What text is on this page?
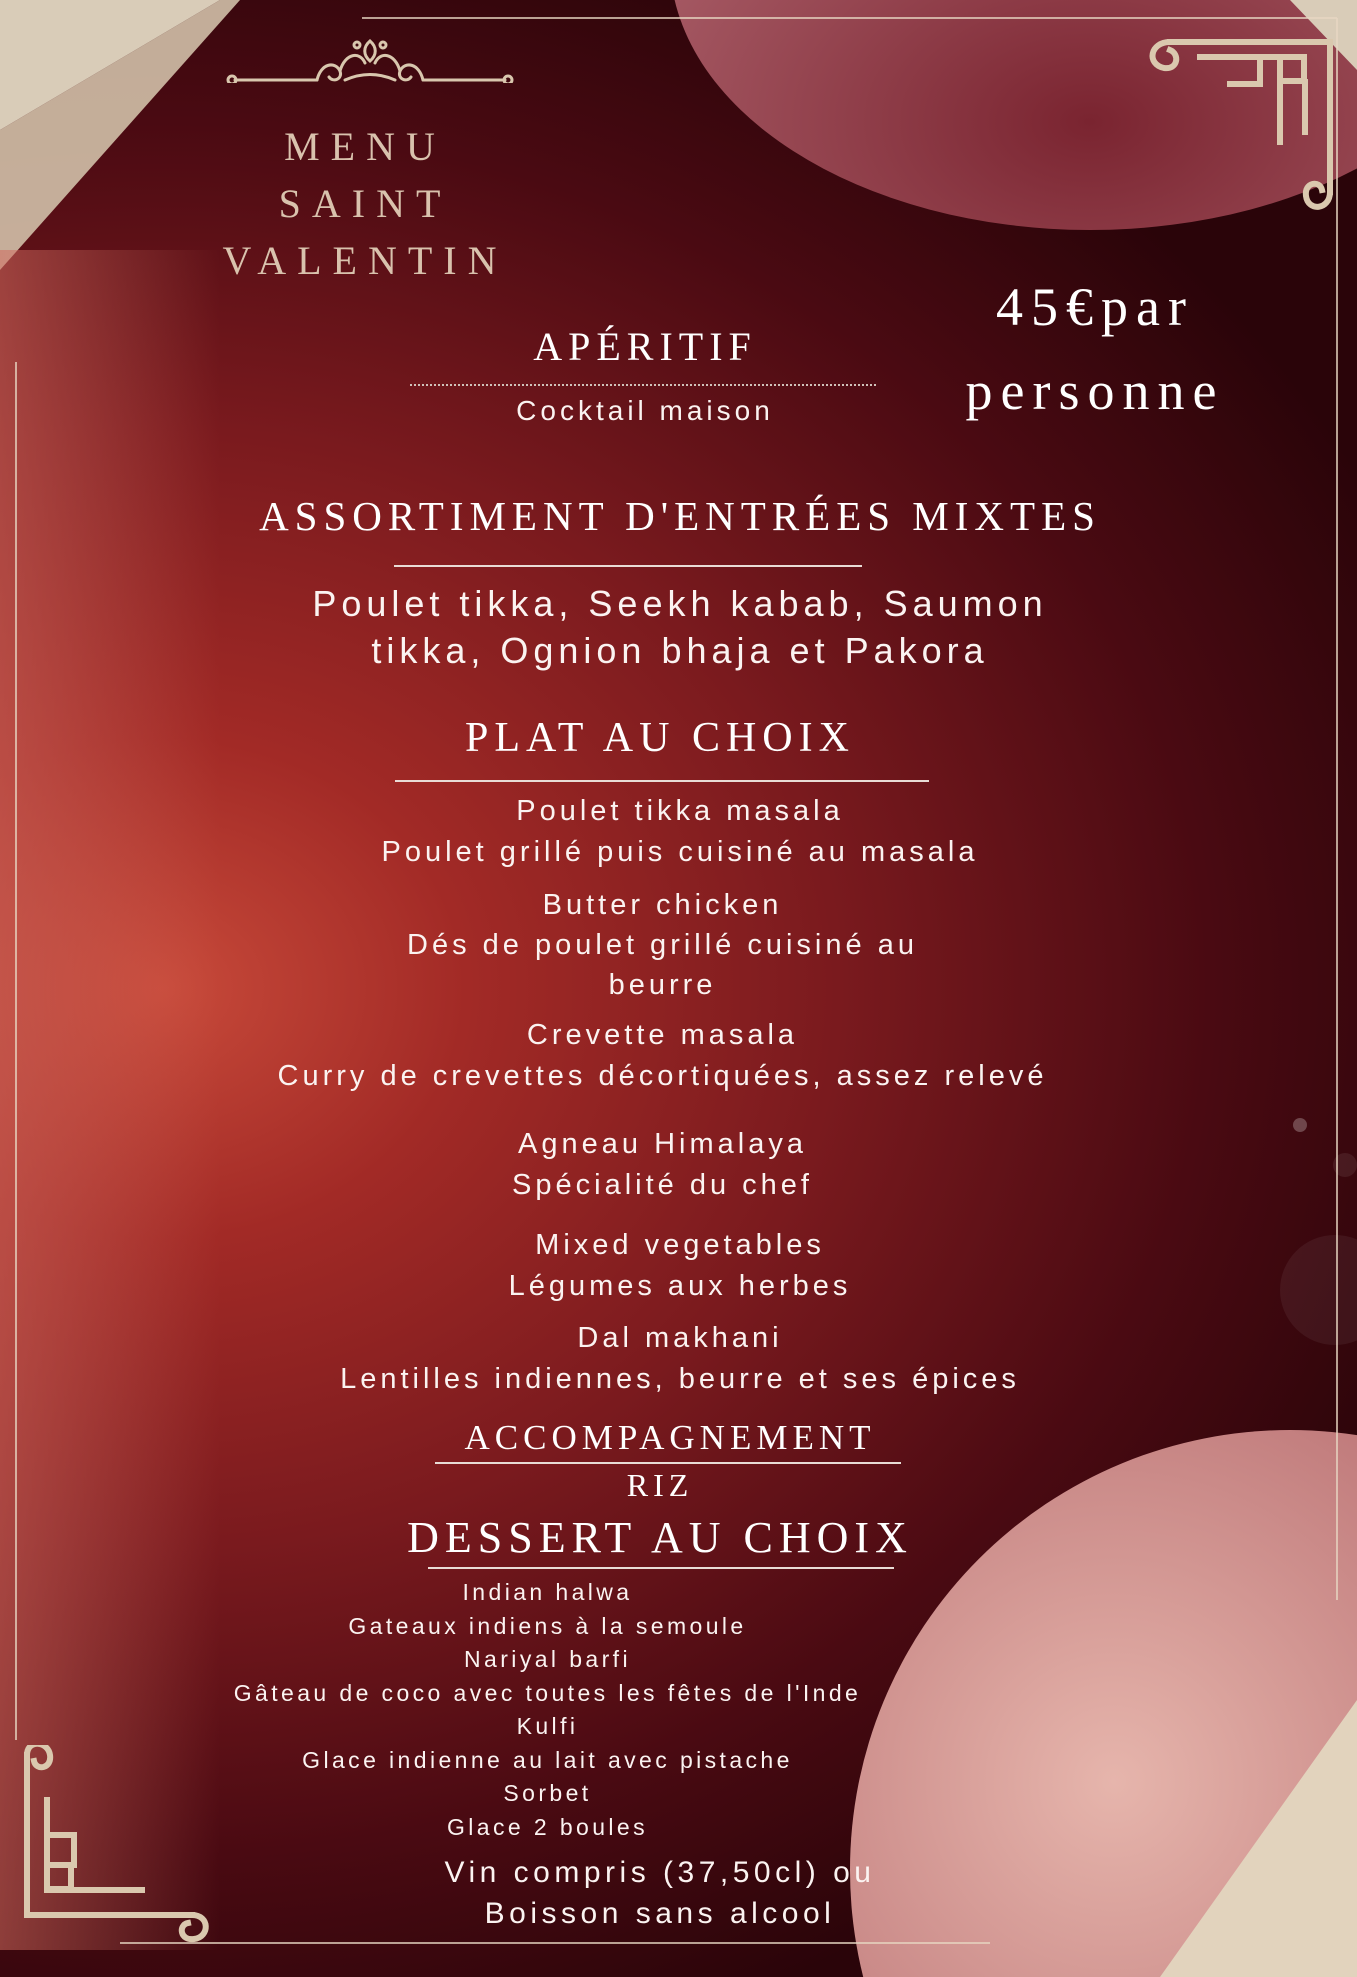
MENU
SAINT
VALENTIN
45€par
personne
APÉRITIF
Cocktail maison
ASSORTIMENT D'ENTRÉES MIXTES
Poulet tikka, Seekh kabab, Saumon
tikka, Ognion bhaja et Pakora
PLAT AU CHOIX
Poulet tikka masala
Poulet grillé puis cuisiné au masala
Butter chicken
Dés de poulet grillé cuisiné au
beurre
Crevette masala
Curry de crevettes décortiquées, assez relevé
Agneau Himalaya
Spécialité du chef
Mixed vegetables
Légumes aux herbes
Dal makhani
Lentilles indiennes, beurre et ses épices
ACCOMPAGNEMENT
RIZ
DESSERT AU CHOIX
Indian halwa
Gateaux indiens à la semoule
Nariyal barfi
Gâteau de coco avec toutes les fêtes de l'Inde
Kulfi
Glace indienne au lait avec pistache
Sorbet
Glace 2 boules
Vin compris (37,50cl) ou
Boisson sans alcool
